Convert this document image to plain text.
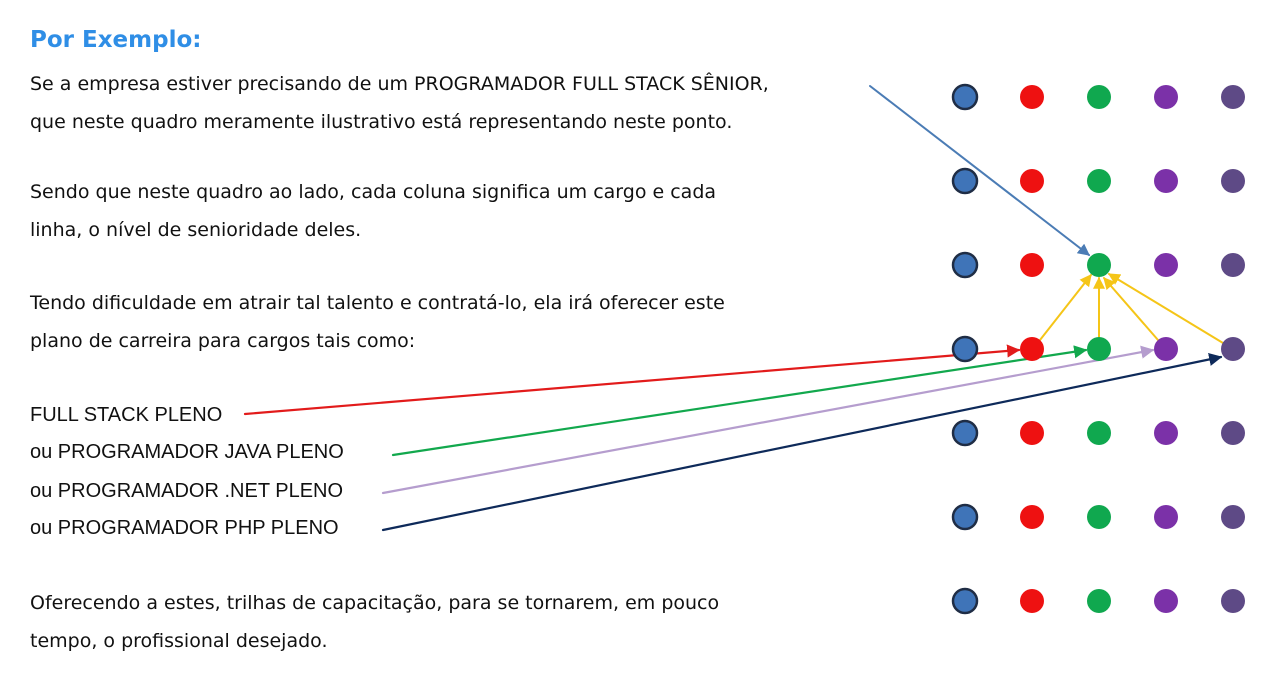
Por Exemplo:
Se a empresa estiver precisando de um PROGRAMADOR FULL STACK SÊNIOR,
que neste quadro meramente ilustrativo está representando neste ponto.
Sendo que neste quadro ao lado, cada coluna significa um cargo e cada
linha, o nível de senioridade deles.
Tendo dificuldade em atrair tal talento e contratá-lo, ela irá oferecer este
plano de carreira para cargos tais como:
FULL STACK PLENO
ou PROGRAMADOR JAVA PLENO
ou PROGRAMADOR .NET PLENO
ou PROGRAMADOR PHP PLENO
Oferecendo a estes, trilhas de capacitação, para se tornarem, em pouco
tempo, o profissional desejado.
